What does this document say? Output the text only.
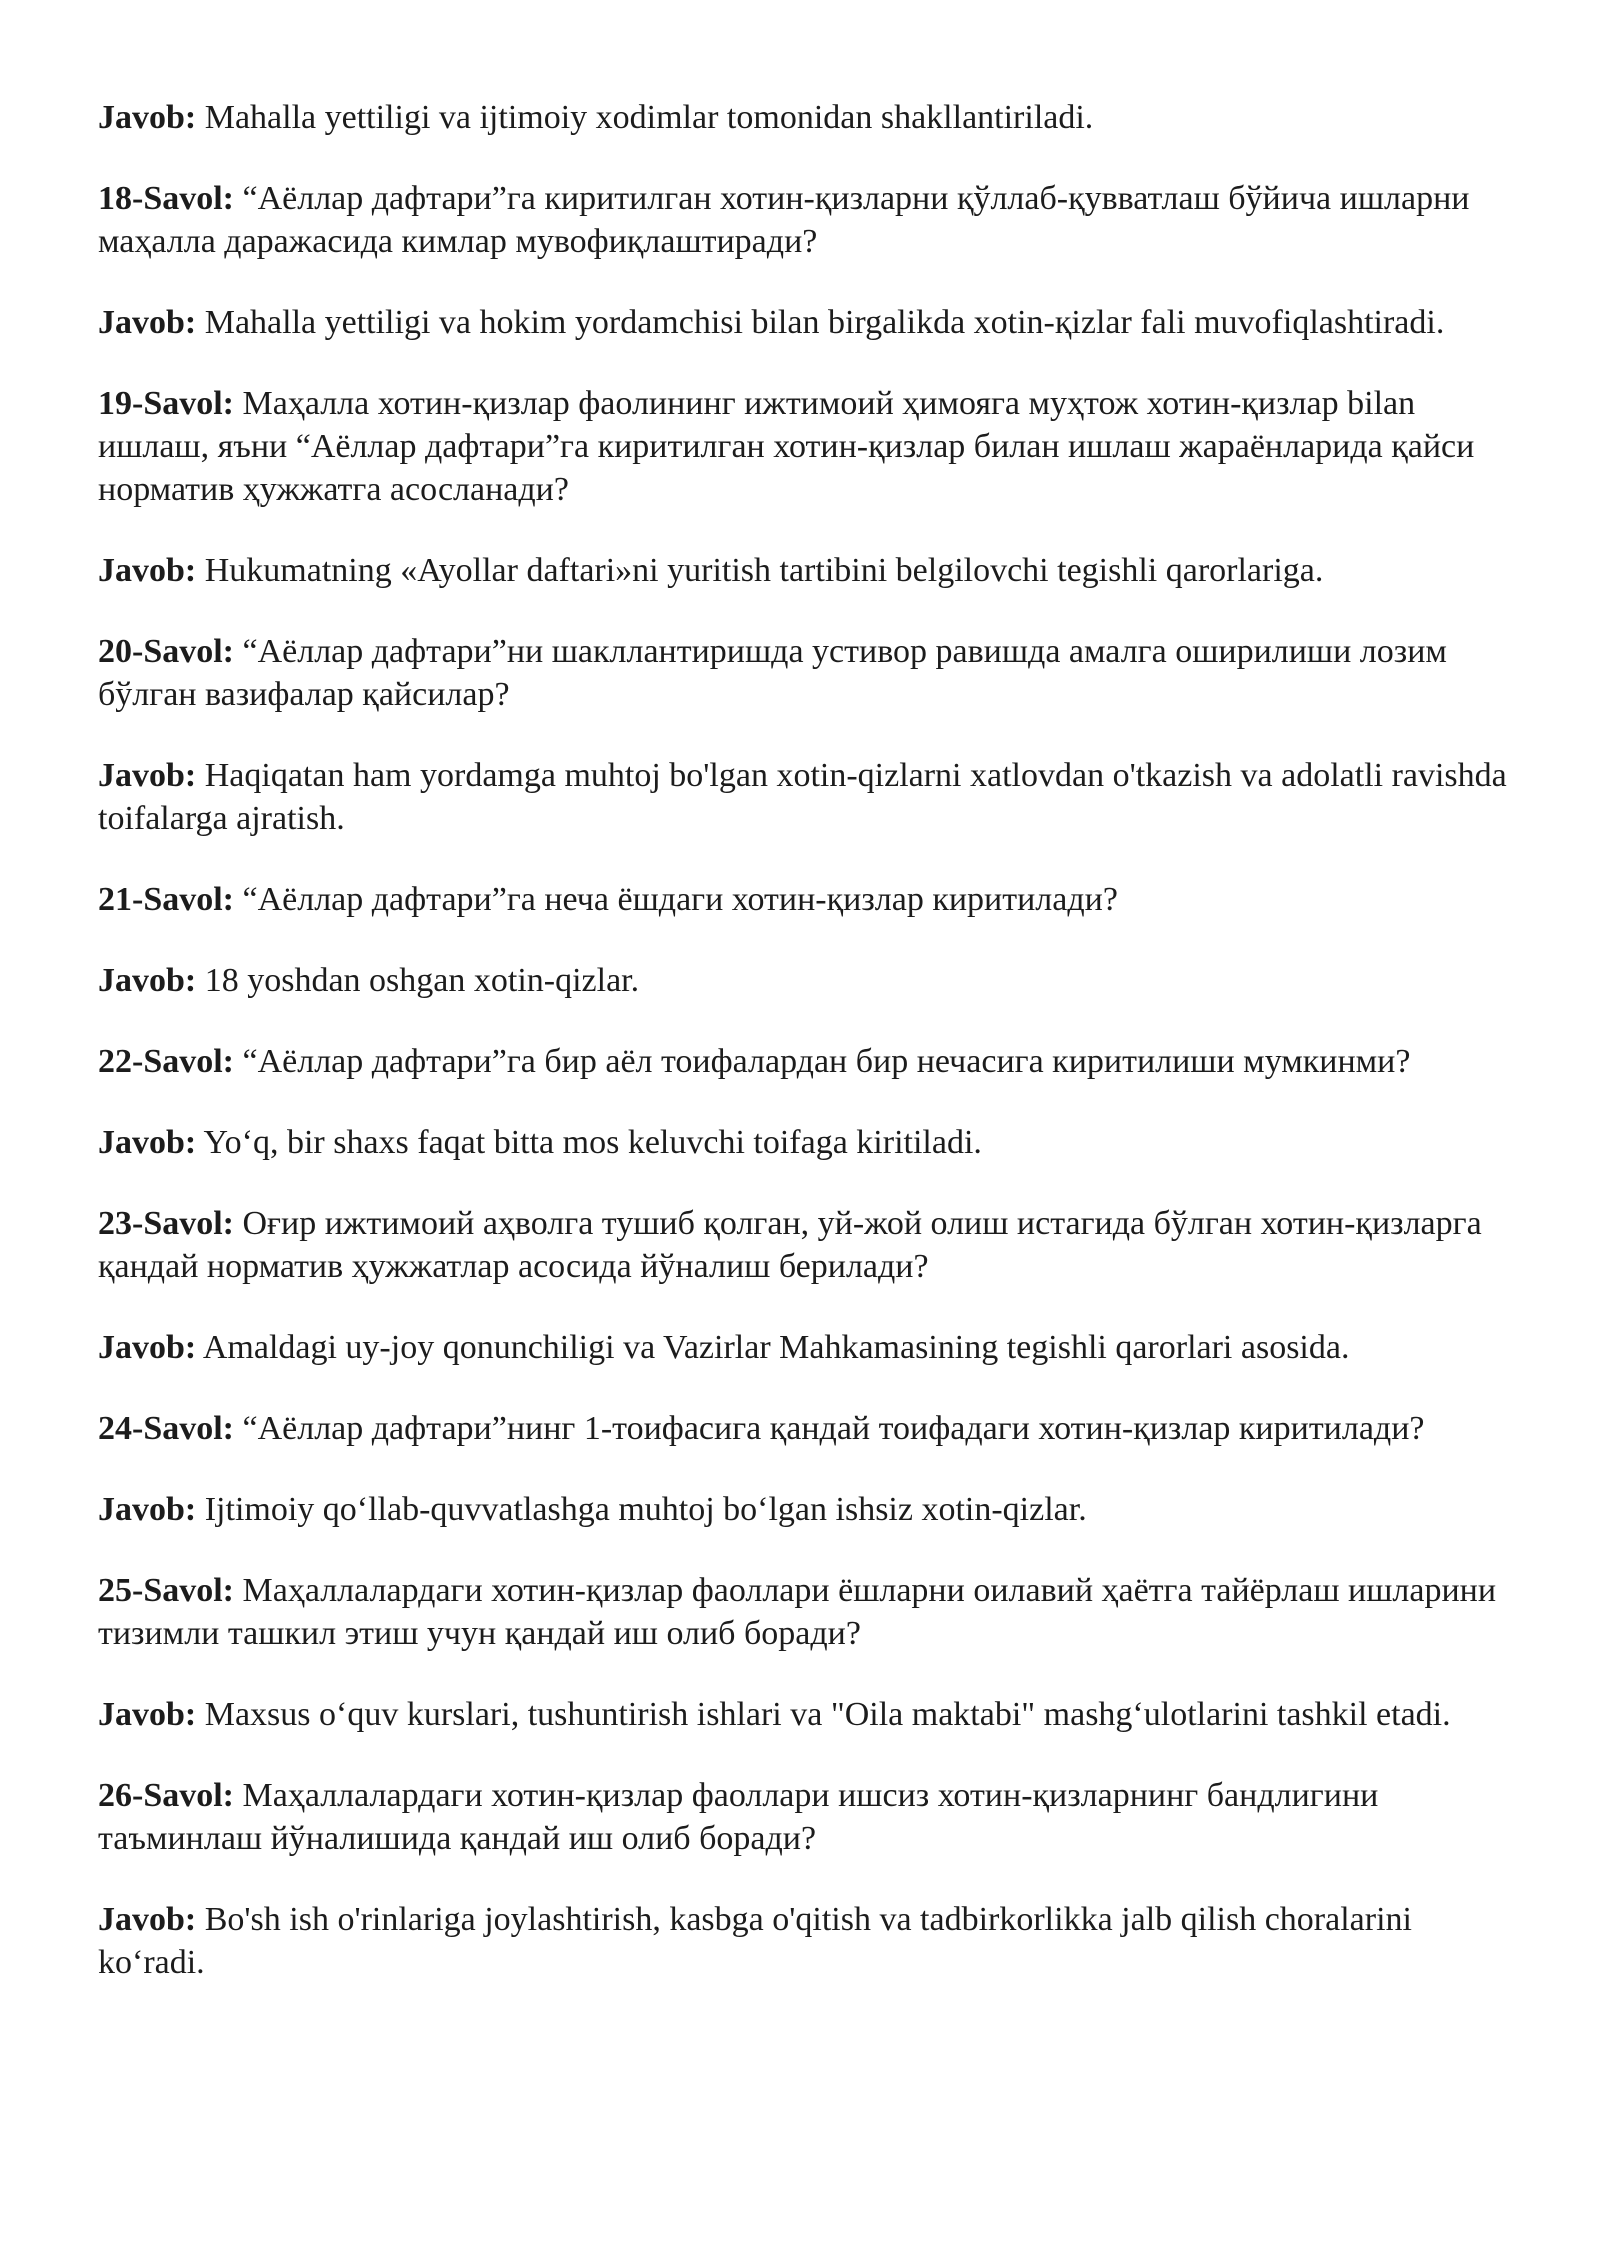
Javob: Mahalla yettiligi va ijtimoiy xodimlar tomonidan shakllantiriladi.

18-Savol: “Аёллар дафтари”га киритилган хотин-қизларни қўллаб-қувватлаш бўйича ишларни маҳалла даражасида кимлар мувофиқлаштиради?

Javob: Mahalla yettiligi va hokim yordamchisi bilan birgalikda xotin-қizlar fali muvofiqlashtiradi.

19-Savol: Маҳалла хотин-қизлар фаолининг ижтимоий ҳимояга муҳтож хотин-қизлар bilan ишлаш, яъни “Аёллар дафтари”га киритилган хотин-қизлар билан ишлаш жараёнларида қайси норматив ҳужжатга асосланади?

Javob: Hukumatning «Ayollar daftari»ni yuritish tartibini belgilovchi tegishli qarorlariga.

20-Savol: “Аёллар дафтари”ни шакллантиришда устивор равишда амалга оширилиши лозим бўлган вазифалар қайсилар?

Javob: Haqiqatan ham yordamga muhtoj bo'lgan xotin-qizlarni xatlovdan o'tkazish va adolatli ravishda toifalarga ajratish.

21-Savol: “Аёллар дафтари”га неча ёшдаги хотин-қизлар киритилади?

Javob: 18 yoshdan oshgan xotin-qizlar.

22-Savol: “Аёллар дафтари”га бир аёл тоифалардан бир нечасига киритилиши мумкинми?

Javob: Yo‘q, bir shaxs faqat bitta mos keluvchi toifaga kiritiladi.

23-Savol: Оғир ижтимоий аҳволга тушиб қолган, уй-жой олиш истагида бўлган хотин-қизларга қандай норматив ҳужжатлар асосида йўналиш берилади?

Javob: Amaldagi uy-joy qonunchiligi va Vazirlar Mahkamasining tegishli qarorlari asosida.

24-Savol: “Аёллар дафтари”нинг 1-тоифасига қандай тоифадаги хотин-қизлар киритилади?

Javob: Ijtimoiy qo‘llab-quvvatlashga muhtoj bo‘lgan ishsiz xotin-qizlar.

25-Savol: Маҳаллалардаги хотин-қизлар фаоллари ёшларни оилавий ҳаётга тайёрлаш ишларини тизимли ташкил этиш учун қандай иш олиб боради?

Javob: Maxsus o‘quv kurslari, tushuntirish ishlari va "Oila maktabi" mashg‘ulotlarini tashkil etadi.

26-Savol: Маҳаллалардаги хотин-қизлар фаоллари ишсиз хотин-қизларнинг бандлигини таъминлаш йўналишида қандай иш олиб боради?

Javob: Bo'sh ish o'rinlariga joylashtirish, kasbga o'qitish va tadbirkorlikka jalb qilish choralarini ko‘radi.
